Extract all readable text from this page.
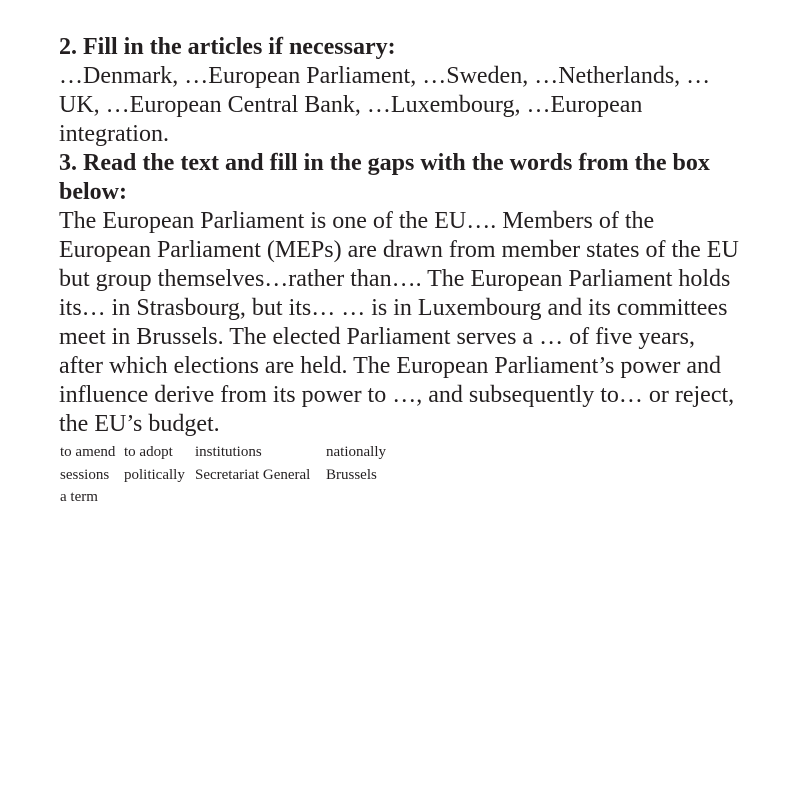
2. Fill in the articles if necessary:
…Denmark, …European Parliament, …Sweden, …Netherlands, …
UK, …European Central Bank, …Luxembourg, …European
integration.
3. Read the text and fill in the gaps with the words from the box
below:
The European Parliament is one of the EU…. Members of the
European Parliament (MEPs) are drawn from member states of the EU
but group themselves…rather than…. The European Parliament holds
its… in Strasbourg, but its… … is in Luxembourg and its committees
meet in Brussels. The elected Parliament serves a … of five years,
after which elections are held. The European Parliament’s power and
influence derive from its power to …, and subsequently to… or reject,
the EU’s budget.
to amend to adopt institutions	nationally
sessions politically Secretariat General Brussels
a term
